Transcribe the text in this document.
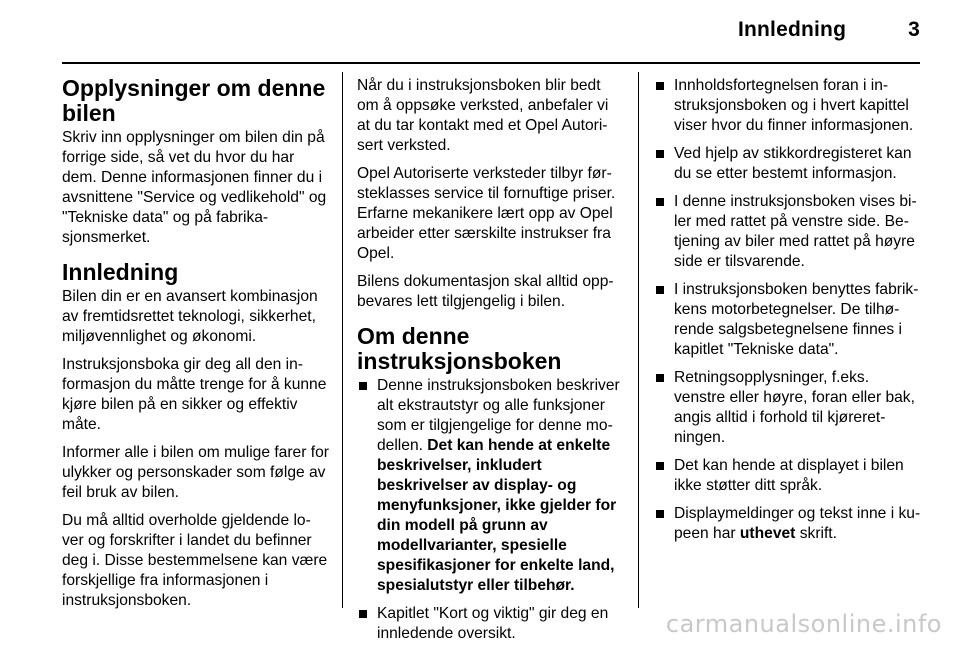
Innledning	3
Opplysninger om denne bilen

Skriv inn opplysninger om bilen din på forrige side, så vet du hvor du har dem. Denne informasjonen finner du i avsnittene "Service og vedlikehold" og "Tekniske data" og på fabrika-sjonsmerket.

Innledning

Bilen din er en avansert kombinasjon av fremtidsrettet teknologi, sikkerhet, miljøvennlighet og økonomi.

Instruksjonsboka gir deg all den in-formasjon du måtte trenge for å kunne kjøre bilen på en sikker og effektiv måte.

Informer alle i bilen om mulige farer for ulykker og personskader som følge av feil bruk av bilen.

Du må alltid overholde gjeldende lo-ver og forskrifter i landet du befinner deg i. Disse bestemmelsene kan være forskjellige fra informasjonen i instruksjonsboken.

Når du i instruksjonsboken blir bedt om å oppsøke verksted, anbefaler vi at du tar kontakt med et Opel Autori-sert verksted.

Opel Autoriserte verksteder tilbyr før-steklasses service til fornuftige priser. Erfarne mekanikere lært opp av Opel arbeider etter særskilte instrukser fra Opel.

Bilens dokumentasjon skal alltid opp-bevares lett tilgjengelig i bilen.

Om denne instruksjonsboken
Denne instruksjonsboken beskriver alt ekstrautstyr og alle funksjoner som er tilgjengelige for denne mo-dellen. Det kan hende at enkelte beskrivelser, inkludert beskrivelser av display- og menyfunksjoner, ikke gjelder for din modell på grunn av modellvarianter, spesielle spesifikasjoner for enkelte land, spesialutstyr eller tilbehør.
Kapitlet "Kort og viktig" gir deg en innledende oversikt.
Innholdsfortegnelsen foran i in-struksjonsboken og i hvert kapittel viser hvor du finner informasjonen.
Ved hjelp av stikkordregisteret kan du se etter bestemt informasjon.
I denne instruksjonsboken vises bi-ler med rattet på venstre side. Be-tjening av biler med rattet på høyre side er tilsvarende.
I instruksjonsboken benyttes fabrik-kens motorbetegnelser. De tilhø-rende salgsbetegnelsene finnes i kapitlet "Tekniske data".
Retningsopplysninger, f.eks. venstre eller høyre, foran eller bak, angis alltid i forhold til kjøreret-ningen.
Det kan hende at displayet i bilen ikke støtter ditt språk.
Displaymeldinger og tekst inne i ku-peen har uthevet skrift.
carmanualsonline.info
